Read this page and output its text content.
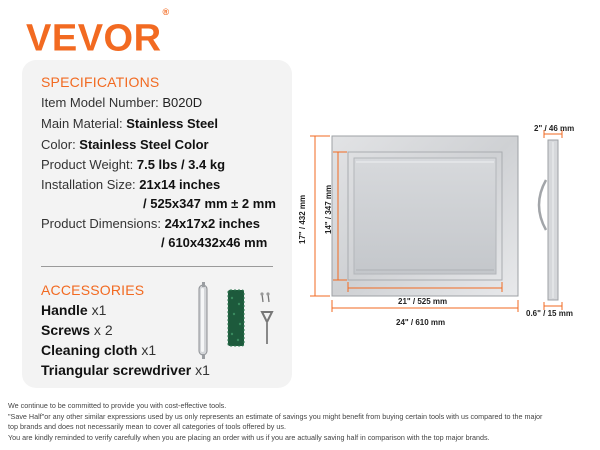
VEVOR®
SPECIFICATIONS
Item Model Number: B020D
Main Material: Stainless Steel
Color: Stainless Steel Color
Product Weight: 7.5 lbs / 3.4 kg
Installation Size: 21x14 inches
/ 525x347 mm ± 2 mm
Product Dimensions: 24x17x2 inches
/ 610x432x46 mm
ACCESSORIES
Handle x1
Screws x 2
Cleaning cloth x1
Triangular screwdriver x1
17" / 432 mm 14" / 347 mm
21" / 525 mm
24" / 610 mm
2" / 46 mm
0.6" / 15 mm
We continue to be committed to provide you with cost-effective tools.
"Save Half"or any other similar expressions used by us only represents an estimate of savings you might benefit from buying certain tools with us compared to the major
top brands and does not necessarily mean to cover all categories of tools offered by us.
You are kindly reminded to verify carefully when you are placing an order with us if you are actually saving half in comparison with the top major brands.
